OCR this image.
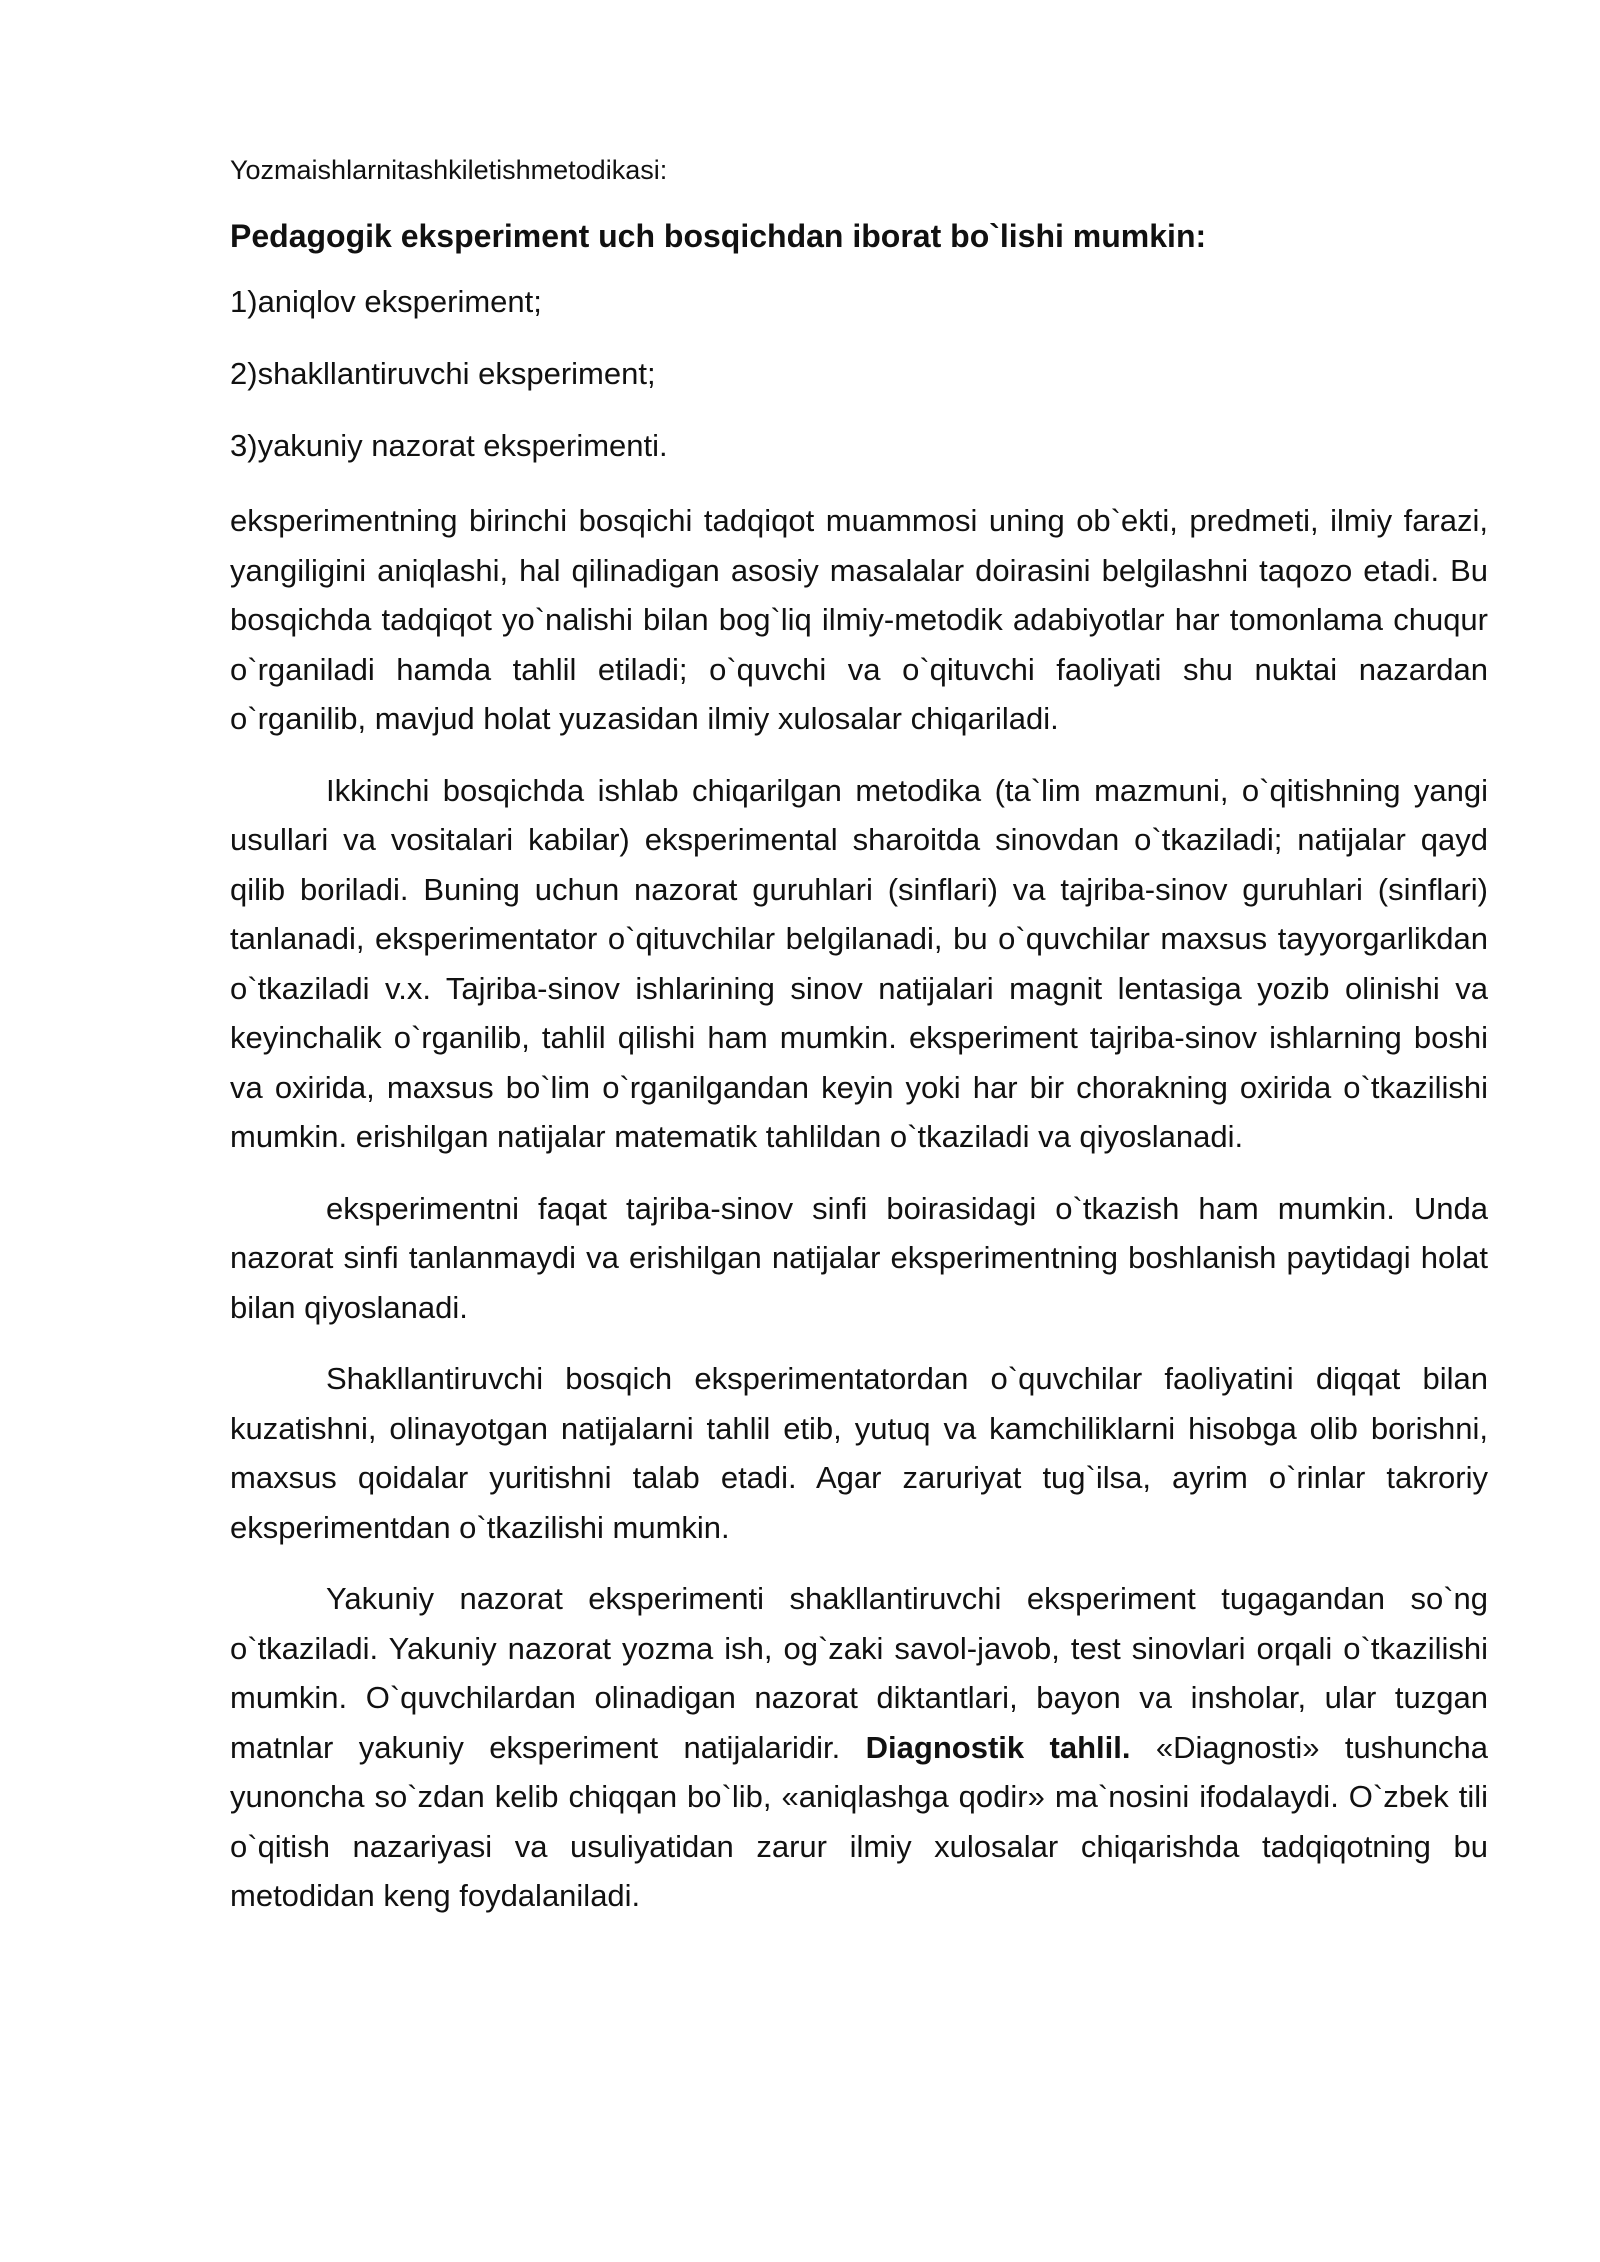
Yozmaishlarnitashkiletishmetodikasi:
Pedagogik eksperiment uch bosqichdan iborat bo`lishi mumkin:
1)aniqlov eksperiment;
2)shakllantiruvchi eksperiment;
3)yakuniy nazorat eksperimenti.

eksperimentning birinchi bosqichi tadqiqot muammosi uning ob`ekti, predmeti, ilmiy farazi, yangiligini aniqlashi, hal qilinadigan asosiy masalalar doirasini belgilashni taqozo etadi. Bu bosqichda tadqiqot yo`nalishi bilan bog`liq ilmiy-metodik adabiyotlar har tomonlama chuqur o`rganiladi hamda tahlil etiladi; o`quvchi va o`qituvchi faoliyati shu nuktai nazardan o`rganilib, mavjud holat yuzasidan ilmiy xulosalar chiqariladi.

Ikkinchi bosqichda ishlab chiqarilgan metodika (ta`lim mazmuni, o`qitishning yangi usullari va vositalari kabilar) eksperimental sharoitda sinovdan o`tkaziladi; natijalar qayd qilib boriladi. Buning uchun nazorat guruhlari (sinflari) va tajriba-sinov guruhlari (sinflari) tanlanadi, eksperimentator o`qituvchilar belgilanadi, bu o`quvchilar maxsus tayyorgarlikdan o`tkaziladi v.x. Tajriba-sinov ishlarining sinov natijalari magnit lentasiga yozib olinishi va keyinchalik o`rganilib, tahlil qilishi ham mumkin. eksperiment tajriba-sinov ishlarning boshi va oxirida, maxsus bo`lim o`rganilgandan keyin yoki har bir chorakning oxirida o`tkazilishi mumkin. erishilgan natijalar matematik tahlildan o`tkaziladi va qiyoslanadi.

eksperimentni faqat tajriba-sinov sinfi boirasidagi o`tkazish ham mumkin. Unda nazorat sinfi tanlanmaydi va erishilgan natijalar eksperimentning boshlanish paytidagi holat bilan qiyoslanadi.

Shakllantiruvchi bosqich eksperimentatordan o`quvchilar faoliyatini diqqat bilan kuzatishni, olinayotgan natijalarni tahlil etib, yutuq va kamchiliklarni hisobga olib borishni, maxsus qoidalar yuritishni talab etadi. Agar zaruriyat tug`ilsa, ayrim o`rinlar takroriy eksperimentdan o`tkazilishi mumkin.

Yakuniy nazorat eksperimenti shakllantiruvchi eksperiment tugagandan so`ng o`tkaziladi. Yakuniy nazorat yozma ish, og`zaki savol-javob, test sinovlari orqali o`tkazilishi mumkin. O`quvchilardan olinadigan nazorat diktantlari, bayon va insholar, ular tuzgan matnlar yakuniy eksperiment natijalaridir. Diagnostik tahlil. «Diagnosti» tushuncha yunoncha so`zdan kelib chiqqan bo`lib, «aniqlashga qodir» ma`nosini ifodalaydi. O`zbek tili o`qitish nazariyasi va usuliyatidan zarur ilmiy xulosalar chiqarishda tadqiqotning bu metodidan keng foydalaniladi.
